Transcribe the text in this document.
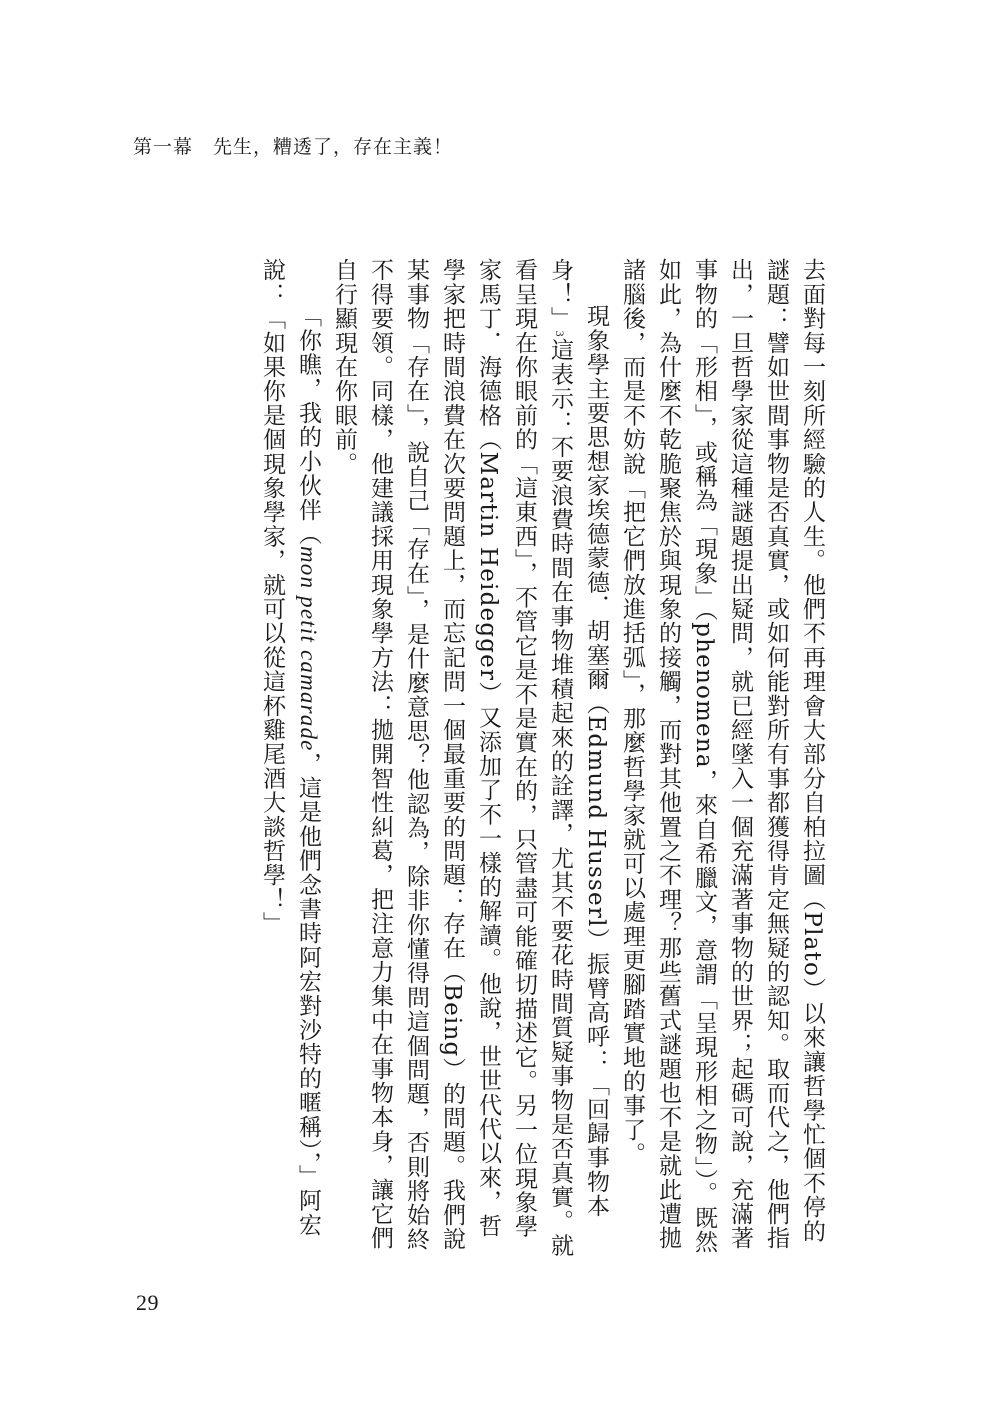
第一幕　先生，糟透了，存在主義！

去面對每一刻所經驗的人生。他們不再理會大部分自柏拉圖（Plato）以來讓哲學忙個不停的謎題：譬如世間事物是否真實，或如何能對所有事都獲得肯定無疑的認知。取而代之，他們指出，一旦哲學家從這種謎題提出疑問，就已經墜入一個充滿著事物的世界；起碼可說，充滿著事物的「形相」，或稱為「現象」（phenomena，來自希臘文，意謂「呈現形相之物」）。既然如此，為什麼不乾脆聚焦於與現象的接觸，而對其他置之不理？那些舊式謎題也不是就此遭拋諸腦後，而是不妨說「把它們放進括弧」，那麼哲學家就可以處理更腳踏實地的事了。

現象學主要思想家埃德蒙德．胡塞爾（Edmund Husserl）振臂高呼：「回歸事物本身！」3這表示：不要浪費時間在事物堆積起來的詮譯，尤其不要花時間質疑事物是否真實。就看呈現在你眼前的「這東西」，不管它是不是實在的，只管盡可能確切描述它。另一位現象學家馬丁．海德格（Martin Heidegger）又添加了不一樣的解讀。他說，世世代代以來，哲學家把時間浪費在次要問題上，而忘記問一個最重要的問題：存在（Being）的問題。我們說某事物「存在」，說自己「存在」，是什麼意思？他認為，除非你懂得問這個問題，否則將始終不得要領。同樣，他建議採用現象學方法：拋開智性糾葛，把注意力集中在事物本身，讓它們自行顯現在你眼前。

「你瞧，我的小伙伴（mon petit camarade，這是他們念書時阿宏對沙特的暱稱），」阿宏說：「如果你是個現象學家，就可以從這杯雞尾酒大談哲學！」

29
